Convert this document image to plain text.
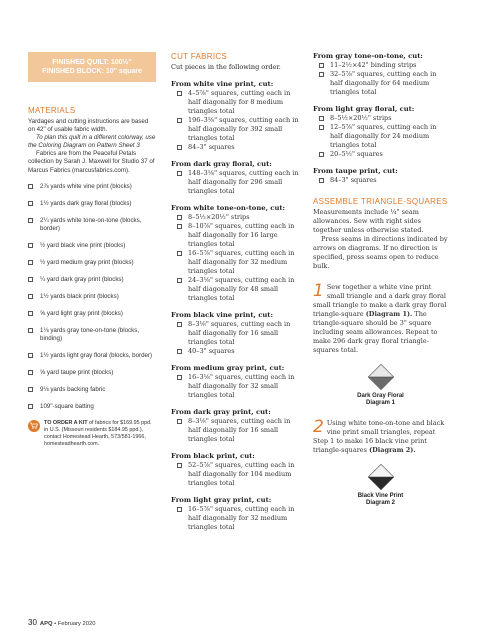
FINISHED QUILT: 100½"
FINISHED BLOCK: 10" square
MATERIALS

Yardages and cutting instructions are based on 42" of usable fabric width.

To plan this quilt in a different colorway, use the Coloring Diagram on Pattern Sheet 3

Fabrics are from the Peaceful Petals collection by Sarah J. Maxwell for Studio 37 of Marcus Fabrics (marcusfabrics.com).

2⅞ yards white vine print (blocks)
1½ yards dark gray floral (blocks)
2¼ yards white tone-on-tone (blocks, border)
½ yard black vine print (blocks)
½ yard medium gray print (blocks)
¼ yard dark gray print (blocks)
1½ yards black print (blocks)
⅝ yard light gray print (blocks)
1⅛ yards gray tone-on-tone (blocks, binding)
1½ yards light gray floral (blocks, border)
⅝ yard taupe print (blocks)
9⅛ yards backing fabric
109"-square batting
TO ORDER A KIT of fabrics for $169.95 ppd. in U.S. (Missouri residents $184.95 ppd.), contact Homestead Hearth, 573/581-1966, homesteadhearth.com.
CUT FABRICS
Cut pieces in the following order.
From white vine print, cut:
4–5⅞" squares, cutting each in half diagonally for 8 medium triangles total
196–3⅛" squares, cutting each in half diagonally for 392 small triangles total
84–3" squares
From dark gray floral, cut:
148–3⅛" squares, cutting each in half diagonally for 296 small triangles total
From white tone-on-tone, cut:
8–5½×20½" strips
8–10⅞" squares, cutting each in half diagonally for 16 large triangles total
16–5⅞" squares, cutting each in half diagonally for 32 medium triangles total
24–3⅛" squares, cutting each in half diagonally for 48 small triangles total
From black vine print, cut:
8–3⅛" squares, cutting each in half diagonally for 16 small triangles total
40–3" squares
From medium gray print, cut:
16–3⅛" squares, cutting each in half diagonally for 32 small triangles total
From dark gray print, cut:
8–3⅛" squares, cutting each in half diagonally for 16 small triangles total
From black print, cut:
52–5⅞" squares, cutting each in half diagonally for 104 medium triangles total
From light gray print, cut:
16–5⅞" squares, cutting each in half diagonally for 32 medium triangles total
From gray tone-on-tone, cut:
11–2½×42" binding strips
32–5⅞" squares, cutting each in half diagonally for 64 medium triangles total
From light gray floral, cut:
8–5½×20½" strips
12–5⅞" squares, cutting each in half diagonally for 24 medium triangles total
20–5½" squares
From taupe print, cut:
84–3" squares
ASSEMBLE TRIANGLE-SQUARES

Measurements include ¼" seam allowances. Sew with right sides together unless otherwise stated.

Press seams in directions indicated by arrows on diagrams. If no direction is specified, press seams open to reduce bulk.

1 Sew together a white vine print small triangle and a dark gray floral small triangle to make a dark gray floral triangle-square (Diagram 1). The triangle-square should be 3" square including seam allowances. Repeat to make 296 dark gray floral triangle-squares total.
Dark Gray Floral
Diagram 1
2 Using white tone-on-tone and black vine print small triangles, repeat Step 1 to make 16 black vine print triangle-squares (Diagram 2).
Black Vine Print
Diagram 2
30 APQ • February 2020
